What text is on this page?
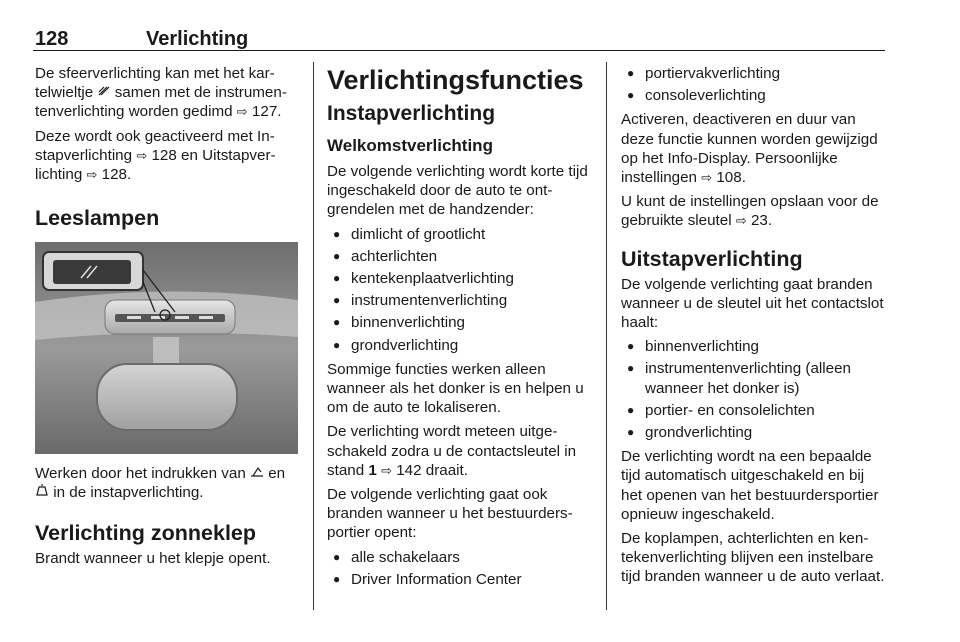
128	Verlichting

De sfeerverlichting kan met het kartelwieltje  samen met de instrumentenverlichting worden gedimd ⇨ 127.

Deze wordt ook geactiveerd met Instapverlichting ⇨ 128 en Uitstapverlichting ⇨ 128.

Leeslampen

Werken door het indrukken van  en  in de instapverlichting.

Verlichting zonneklep

Brandt wanneer u het klepje opent.

Verlichtingsfuncties
Instapverlichting
Welkomstverlichting

De volgende verlichting wordt korte tijd ingeschakeld door de auto te ontgrendelen met de handzender:

● dimlicht of grootlicht
● achterlichten
● kentekenplaatverlichting
● instrumentenverlichting
● binnenverlichting
● grondverlichting

Sommige functies werken alleen wanneer als het donker is en helpen u om de auto te lokaliseren.

De verlichting wordt meteen uitgeschakeld zodra u de contactsleutel in stand 1 ⇨ 142 draait.

De volgende verlichting gaat ook branden wanneer u het bestuurdersportier opent:

● alle schakelaars
● Driver Information Center
● portiervakverlichting
● consoleverlichting

Activeren, deactiveren en duur van deze functie kunnen worden gewijzigd op het Info-Display. Persoonlijke instellingen ⇨ 108.

U kunt de instellingen opslaan voor de gebruikte sleutel ⇨ 23.

Uitstapverlichting

De volgende verlichting gaat branden wanneer u de sleutel uit het contactslot haalt:

● binnenverlichting
● instrumentenverlichting (alleen wanneer het donker is)
● portier- en consolelichten
● grondverlichting

De verlichting wordt na een bepaalde tijd automatisch uitgeschakeld en bij het openen van het bestuurdersportier opnieuw ingeschakeld.

De koplampen, achterlichten en kentekenverlichting blijven een instelbare tijd branden wanneer u de auto verlaat.
